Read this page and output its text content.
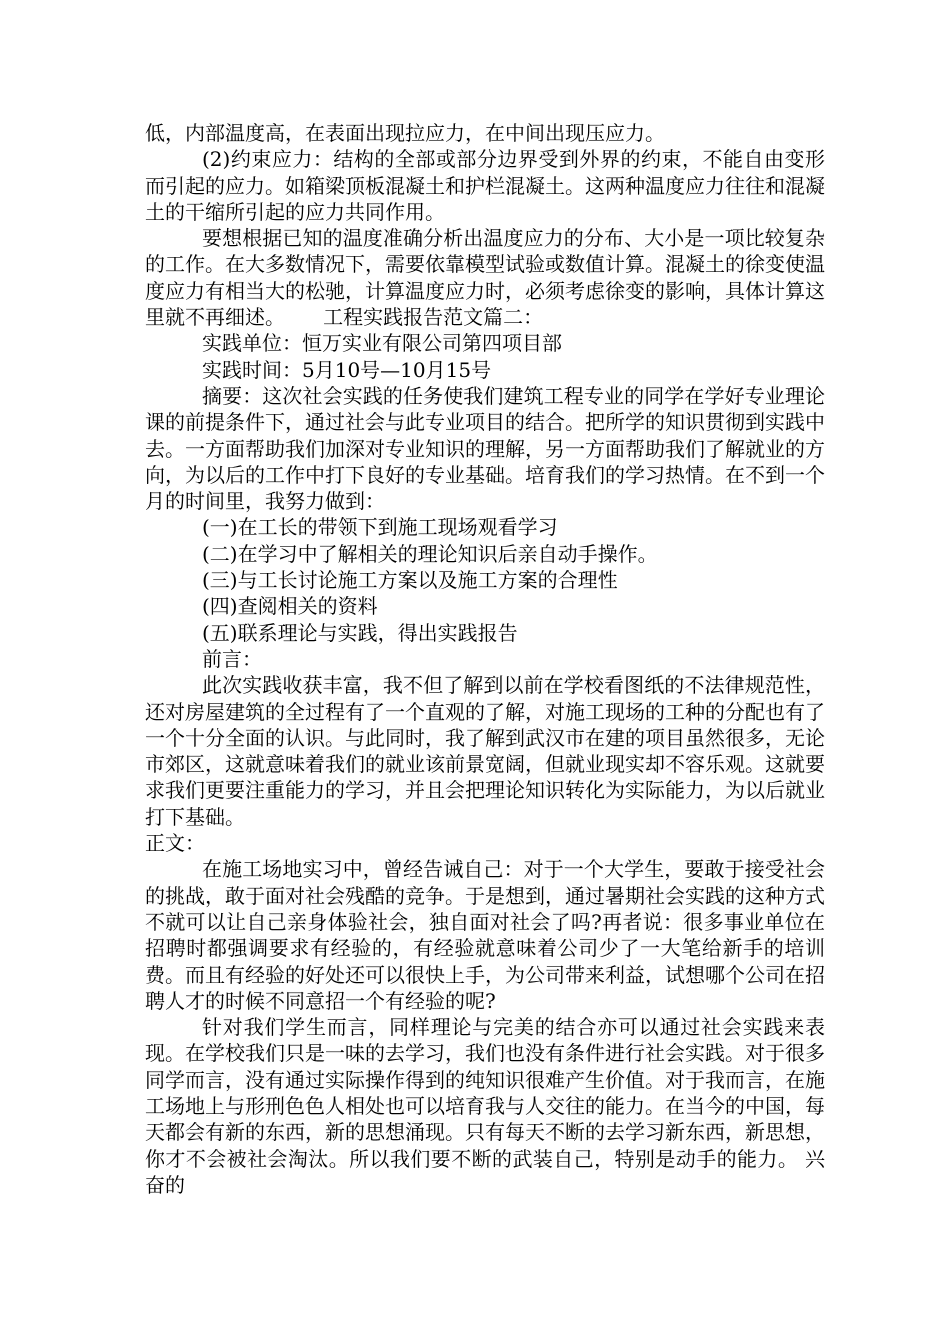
低，内部温度高，在表面出现拉应力，在中间出现压应力。

(2)约束应力：结构的全部或部分边界受到外界的约束，不能自由变形而引起的应力。如箱梁顶板混凝土和护栏混凝土。这两种温度应力往往和混凝土的干缩所引起的应力共同作用。

要想根据已知的温度准确分析出温度应力的分布、大小是一项比较复杂的工作。在大多数情况下，需要依靠模型试验或数值计算。混凝土的徐变使温度应力有相当大的松驰，计算温度应力时，必须考虑徐变的影响，具体计算这里就不再细述。      工程实践报告范文篇二：

实践单位：恒万实业有限公司第四项目部

实践时间：5月10号—10月15号

摘要：这次社会实践的任务使我们建筑工程专业的同学在学好专业理论课的前提条件下，通过社会与此专业项目的结合。把所学的知识贯彻到实践中去。一方面帮助我们加深对专业知识的理解，另一方面帮助我们了解就业的方向，为以后的工作中打下良好的专业基础。培育我们的学习热情。在不到一个月的时间里，我努力做到：

(一)在工长的带领下到施工现场观看学习

(二)在学习中了解相关的理论知识后亲自动手操作。

(三)与工长讨论施工方案以及施工方案的合理性

(四)查阅相关的资料

(五)联系理论与实践，得出实践报告

前言：

此次实践收获丰富，我不但了解到以前在学校看图纸的不法律规范性，还对房屋建筑的全过程有了一个直观的了解，对施工现场的工种的分配也有了一个十分全面的认识。与此同时，我了解到武汉市在建的项目虽然很多，无论市郊区，这就意味着我们的就业该前景宽阔，但就业现实却不容乐观。这就要求我们更要注重能力的学习，并且会把理论知识转化为实际能力，为以后就业打下基础。

正文：

在施工场地实习中，曾经告诫自己：对于一个大学生，要敢于接受社会的挑战，敢于面对社会残酷的竞争。于是想到，通过暑期社会实践的这种方式不就可以让自己亲身体验社会，独自面对社会了吗?再者说：很多事业单位在招聘时都强调要求有经验的，有经验就意味着公司少了一大笔给新手的培训费。而且有经验的好处还可以很快上手，为公司带来利益，试想哪个公司在招聘人才的时候不同意招一个有经验的呢?

针对我们学生而言，同样理论与完美的结合亦可以通过社会实践来表现。在学校我们只是一味的去学习，我们也没有条件进行社会实践。对于很多同学而言，没有通过实际操作得到的纯知识很难产生价值。对于我而言，在施工场地上与形刑色色人相处也可以培育我与人交往的能力。在当今的中国，每天都会有新的东西，新的思想涌现。只有每天不断的去学习新东西，新思想，你才不会被社会淘汰。所以我们要不断的武装自己，特别是动手的能力。 兴奋的
